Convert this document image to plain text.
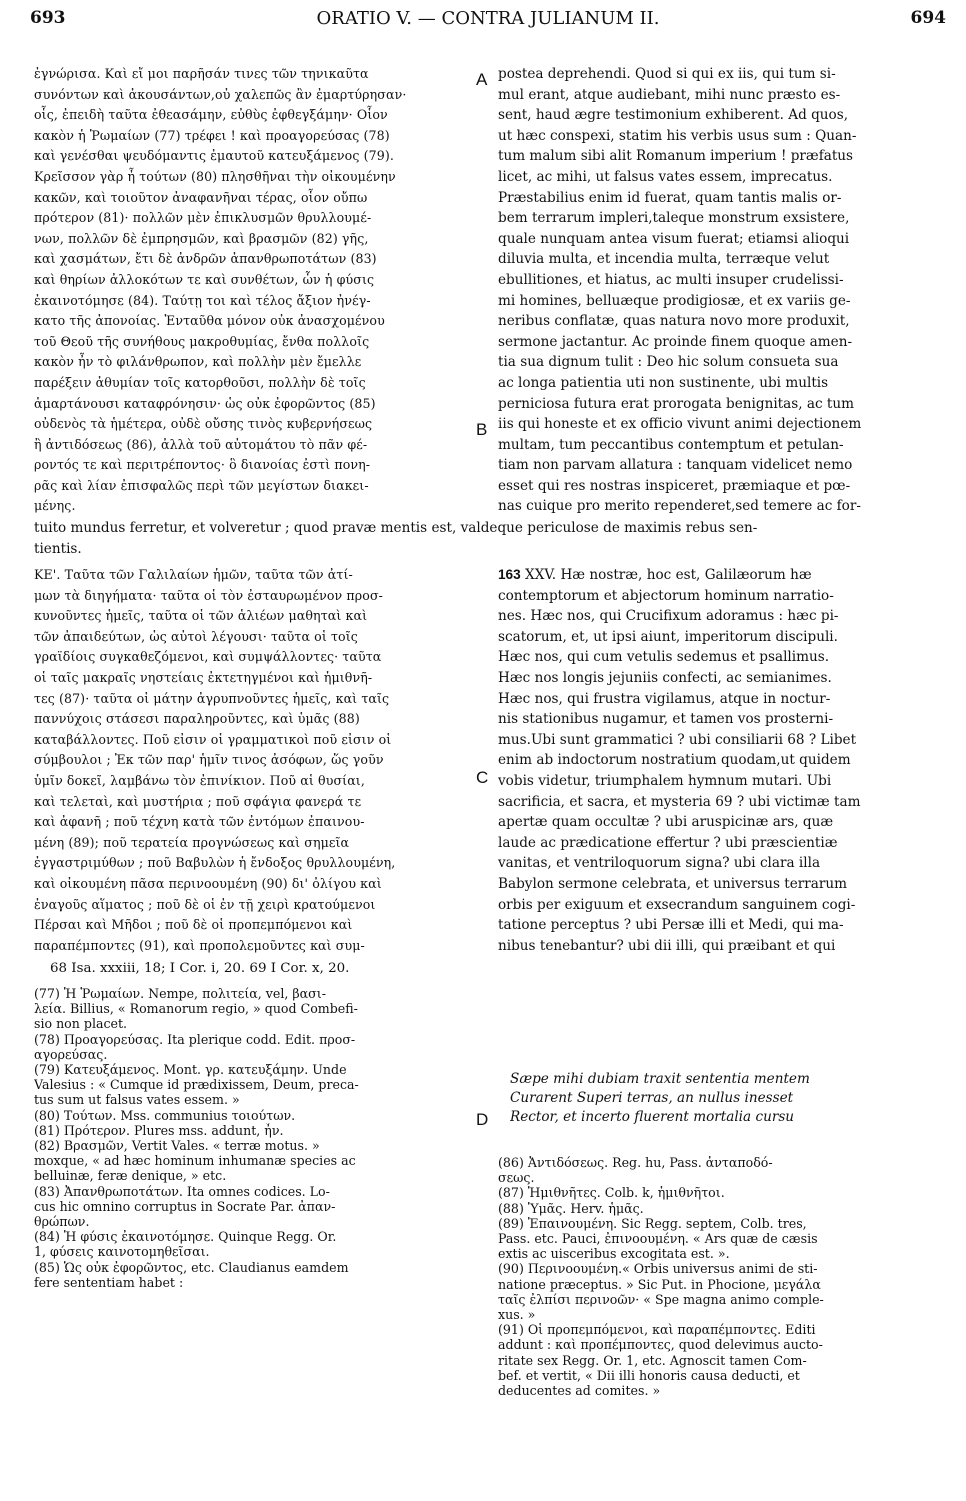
693	ORATIO V. — CONTRA JULIANUM II.	694
A
B
C
D
ἐγνώρισα. Καὶ εἴ μοι παρῆσάν τινες τῶν τηνικαῦτα
συνόντων καὶ ἀκουσάντων,οὐ χαλεπῶς ἂν ἐμαρτύρησαν·
οἷς, ἐπειδὴ ταῦτα ἐθεασάμην, εὐθὺς ἐφθεγξάμην· Οἷον
κακὸν ἡ Ῥωμαίων (77) τρέφει ! καὶ προαγορεύσας (78)
καὶ γενέσθαι ψευδόμαντις ἐμαυτοῦ κατευξάμενος (79).
Κρεῖσσον γὰρ ἦ τούτων (80) πλησθῆναι τὴν οἰκουμένην
κακῶν, καὶ τοιοῦτον ἀναφανῆναι τέρας, οἷον οὔπω
πρότερον (81)· πολλῶν μὲν ἐπικλυσμῶν θρυλλουμέ-
νων, πολλῶν δὲ ἐμπρησμῶν, καὶ βρασμῶν (82) γῆς,
καὶ χασμάτων, ἔτι δὲ ἀνδρῶν ἀπανθρωποτάτων (83)
καὶ θηρίων ἀλλοκότων τε καὶ συνθέτων, ὧν ἡ φύσις
ἐκαινοτόμησε (84). Ταύτῃ τοι καὶ τέλος ἄξιον ἠνέγ-
κατο τῆς ἀπονοίας. Ἐνταῦθα μόνον οὐκ ἀνασχομένου
τοῦ Θεοῦ τῆς συνήθους μακροθυμίας, ἔνθα πολλοῖς
κακὸν ἦν τὸ φιλάνθρωπον, καὶ πολλὴν μὲν ἔμελλε
παρέξειν ἀθυμίαν τοῖς κατορθοῦσι, πολλὴν δὲ τοῖς
ἁμαρτάνουσι καταφρόνησιν· ὡς οὐκ ἐφορῶντος (85)
οὐδενὸς τὰ ἡμέτερα, οὐδὲ οὔσης τινὸς κυβερνήσεως
ἢ ἀντιδόσεως (86), ἀλλὰ τοῦ αὐτομάτου τὸ πᾶν φέ-
ροντός τε καὶ περιτρέποντος· ὃ διανοίας ἐστὶ πονη-
ρᾶς καὶ λίαν ἐπισφαλῶς περὶ τῶν μεγίστων διακει-
μένης.
postea deprehendi. Quod si qui ex iis, qui tum si-
mul erant, atque audiebant, mihi nunc præsto es-
sent, haud ægre testimonium exhiberent. Ad quos,
ut hæc conspexi, statim his verbis usus sum : Quan-
tum malum sibi alit Romanum imperium ! præfatus
licet, ac mihi, ut falsus vates essem, imprecatus.
Præstabilius enim id fuerat, quam tantis malis or-
bem terrarum impleri,taleque monstrum exsistere,
quale nunquam antea visum fuerat; etiamsi alioqui
diluvia multa, et incendia multa, terræque velut
ebullitiones, et hiatus, ac multi insuper crudelissi-
mi homines, belluæque prodigiosæ, et ex variis ge-
neribus conflatæ, quas natura novo more produxit,
sermone jactantur. Ac proinde finem quoque amen-
tia sua dignum tulit : Deo hic solum consueta sua
ac longa patientia uti non sustinente, ubi multis
perniciosa futura erat prorogata benignitas, ac tum
iis qui honeste et ex officio vivunt animi dejectionem
multam, tum peccantibus contemptum et petulan-
tiam non parvam allatura : tanquam videlicet nemo
esset qui res nostras inspiceret, præmiaque et pœ-
nas cuique pro merito rependeret,sed temere ac for-
tuito mundus ferretur, et volveretur ; quod pravæ mentis est, valdeque periculose de maximis rebus sen-
tientis.
ΚΕ'. Ταῦτα τῶν Γαλιλαίων ἡμῶν, ταῦτα τῶν ἀτί-
μων τὰ διηγήματα· ταῦτα οἱ τὸν ἐσταυρωμένον προσ-
κυνοῦντες ἡμεῖς, ταῦτα οἱ τῶν ἁλιέων μαθηταὶ καὶ
τῶν ἀπαιδεύτων, ὡς αὐτοὶ λέγουσι· ταῦτα οἱ τοῖς
γραϊδίοις συγκαθεζόμενοι, καὶ συμψάλλοντες· ταῦτα
οἱ ταῖς μακραῖς νηστείαις ἐκτετηγμένοι καὶ ἡμιθνῆ-
τες (87)· ταῦτα οἱ μάτην ἀγρυπνοῦντες ἡμεῖς, καὶ ταῖς
παννύχοις στάσεσι παραληροῦντες, καὶ ὑμᾶς (88)
καταβάλλοντες. Ποῦ εἰσιν οἱ γραμματικοὶ ποῦ εἰσιν οἱ
σύμβουλοι ; Ἐκ τῶν παρ' ἡμῖν τινος ἀσόφων, ὥς γοῦν
ὑμῖν δοκεῖ, λαμβάνω τὸν ἐπινίκιον. Ποῦ αἱ θυσίαι,
καὶ τελεταὶ, καὶ μυστήρια ; ποῦ σφάγια φανερά τε
καὶ ἀφανῆ ; ποῦ τέχνη κατὰ τῶν ἐντόμων ἐπαινου-
μένη (89); ποῦ τερατεία προγνώσεως καὶ σημεῖα
ἐγγαστριμύθων ; ποῦ Βαβυλὼν ἡ ἔνδοξος θρυλλουμένη,
καὶ οἰκουμένη πᾶσα περινοουμένη (90) δι' ὀλίγου καὶ
ἐναγοῦς αἵματος ; ποῦ δὲ οἱ ἐν τῇ χειρὶ κρατούμενοι
Πέρσαι καὶ Μῆδοι ; ποῦ δὲ οἱ προπεμπόμενοι καὶ
παραπέμποντες (91), καὶ προπολεμοῦντες καὶ συμ-
163 XXV. Hæ nostræ, hoc est, Galilæorum hæ
contemptorum et abjectorum hominum narratio-
nes. Hæc nos, qui Crucifixum adoramus : hæc pi-
scatorum, et, ut ipsi aiunt, imperitorum discipuli.
Hæc nos, qui cum vetulis sedemus et psallimus.
Hæc nos longis jejuniis confecti, ac semianimes.
Hæc nos, qui frustra vigilamus, atque in noctur-
nis stationibus nugamur, et tamen vos prosterni-
mus.Ubi sunt grammatici ? ubi consiliarii 68 ? Libet
enim ab indoctorum nostratium quodam,ut quidem
vobis videtur, triumphalem hymnum mutari. Ubi
sacrificia, et sacra, et mysteria 69 ? ubi victimæ tam
apertæ quam occultæ ? ubi aruspicinæ ars, quæ
laude ac prædicatione effertur ? ubi præscientiæ
vanitas, et ventriloquorum signa? ubi clara illa
Babylon sermone celebrata, et universus terrarum
orbis per exiguum et exsecrandum sanguinem cogi-
tatione perceptus ? ubi Persæ illi et Medi, qui ma-
nibus tenebantur? ubi dii illi, qui præibant et qui
68 Isa. xxxiii, 18; I Cor. i, 20. 69 I Cor. x, 20.
(77) Ἡ Ῥωμαίων. Nempe, πολιτεία, vel, βασι-
λεία. Billius, « Romanorum regio, » quod Combefi-
sio non placet.
(78) Προαγορεύσας. Ita plerique codd. Edit. προσ-
αγορεύσας.
(79) Κατευξάμενος. Mont. γρ. κατευξάμην. Unde
Valesius : « Cumque id prædixissem, Deum, preca-
tus sum ut falsus vates essem. »
(80) Τούτων. Mss. communius τοιούτων.
(81) Πρότερον. Plures mss. addunt, ἦν.
(82) Βρασμῶν, Vertit Vales. « terræ motus. »
moxque, « ad hæc hominum inhumanæ species ac
belluinæ, feræ denique, » etc.
(83) Ἀπανθρωποτάτων. Ita omnes codices. Lo-
cus hic omnino corruptus in Socrate Par. ἀπαν-
θρώπων.
(84) Ἡ φύσις ἐκαινοτόμησε. Quinque Regg. Or.
1, φύσεις καινοτομηθεῖσαι.
(85) Ὡς οὐκ ἐφορῶντος, etc. Claudianus eamdem
fere sententiam habet :
Sæpe mihi dubiam traxit sententia mentem
Curarent Superi terras, an nullus inesset
Rector, et incerto fluerent mortalia cursu
(86) Ἀντιδόσεως. Reg. hu, Pass. ἀνταποδό-
σεως.
(87) Ἡμιθνῆτες. Colb. k, ἡμιθνῆτοι.
(88) Ὑμᾶς. Herv. ἡμᾶς.
(89) Ἐπαινουμένη. Sic Regg. septem, Colb. tres,
Pass. etc. Pauci, ἐπινοουμένη. « Ars quæ de cæsis
extis ac uisceribus excogitata est. ».
(90) Περινοουμένη.« Orbis universus animi de sti-
natione præceptus. » Sic Put. in Phocione, μεγάλα
ταῖς ἐλπίσι περινοῶν· « Spe magna animo comple-
xus. »
(91) Οἱ προπεμπόμενοι, καὶ παραπέμποντες. Editi
addunt : καὶ προπέμποντες, quod delevimus aucto-
ritate sex Regg. Or. 1, etc. Agnoscit tamen Com-
bef. et vertit, « Dii illi honoris causa deducti, et
deducentes ad comites. »
